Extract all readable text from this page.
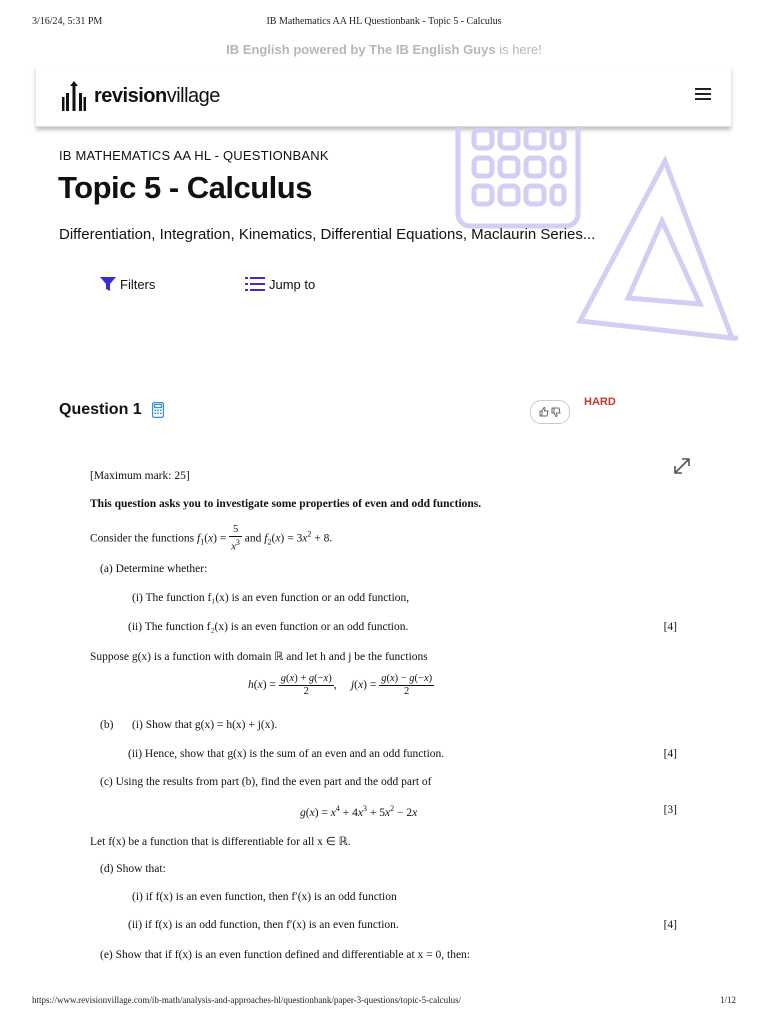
3/16/24, 5:31 PM	IB Mathematics AA HL Questionbank - Topic 5 - Calculus
IB English powered by The IB English Guys is here!
revisionvillage
IB MATHEMATICS AA HL - QUESTIONBANK
Topic 5 - Calculus
Differentiation, Integration, Kinematics, Differential Equations, Maclaurin Series...
Filters	Jump to
Question 1	HARD
[Maximum mark: 25]
This question asks you to investigate some properties of even and odd functions.
Consider the functions $f_1(x) = \frac{5}{x^3}$ and $f_2(x) = 3x^2 + 8$.
(a) Determine whether:
(i) The function f₁(x) is an even function or an odd function,
(ii) The function f₂(x) is an even function or an odd function.	[4]
Suppose g(x) is a function with domain ℝ and let h and j be the functions
$h(x) = \frac{g(x) + g(-x)}{2}$ ,     $j(x) = \frac{g(x) - g(-x)}{2}$
(b) (i) Show that g(x) = h(x) + j(x).
(ii) Hence, show that g(x) is the sum of an even and an odd function.	[4]
(c) Using the results from part (b), find the even part and the odd part of
$g(x) = x^4 + 4x^3 + 5x^2 - 2x$	[3]
Let f(x) be a function that is differentiable for all x ∈ ℝ.
(d) Show that:
(i) if f(x) is an even function, then f′(x) is an odd function
(ii) if f(x) is an odd function, then f′(x) is an even function.	[4]
(e) Show that if f(x) is an even function defined and differentiable at x = 0, then:
https://www.revisionvillage.com/ib-math/analysis-and-approaches-hl/questionbank/paper-3-questions/topic-5-calculus/	1/12
